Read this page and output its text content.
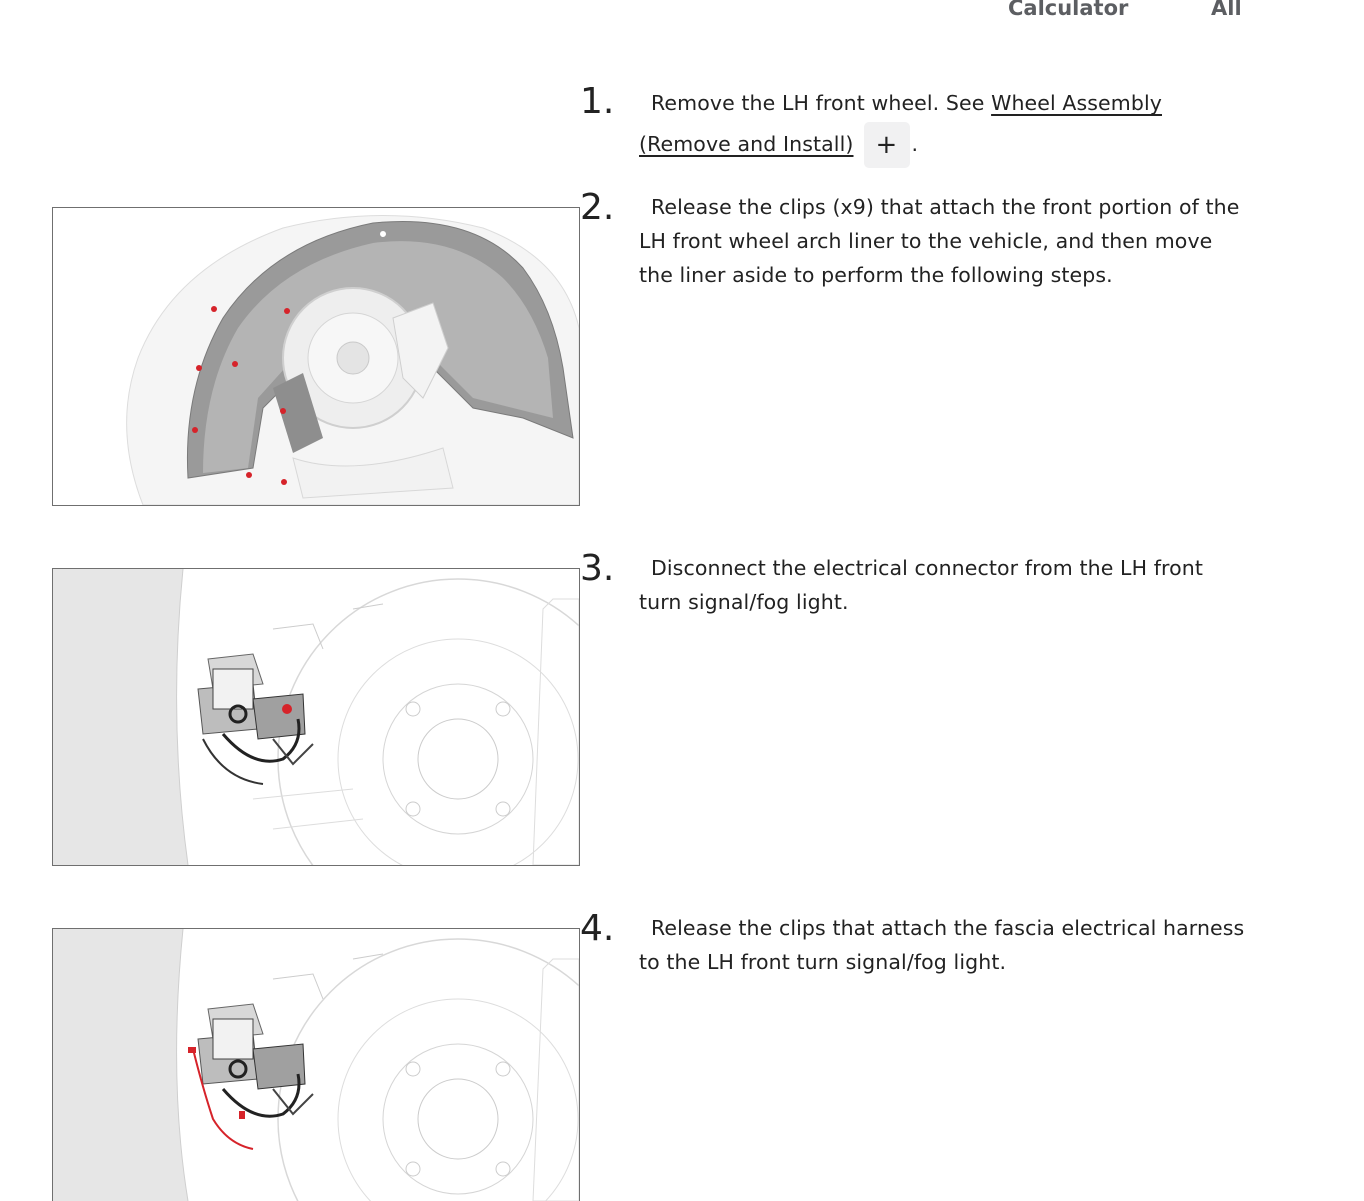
Calculator	All
1.	Remove the LH front wheel. See Wheel Assembly (Remove and Install) + .
2.	Release the clips (x9) that attach the front portion of the LH front wheel arch liner to the vehicle, and then move the liner aside to perform the following steps.
3.	Disconnect the electrical connector from the LH front turn signal/fog light.
4.	Release the clips that attach the fascia electrical harness to the LH front turn signal/fog light.
